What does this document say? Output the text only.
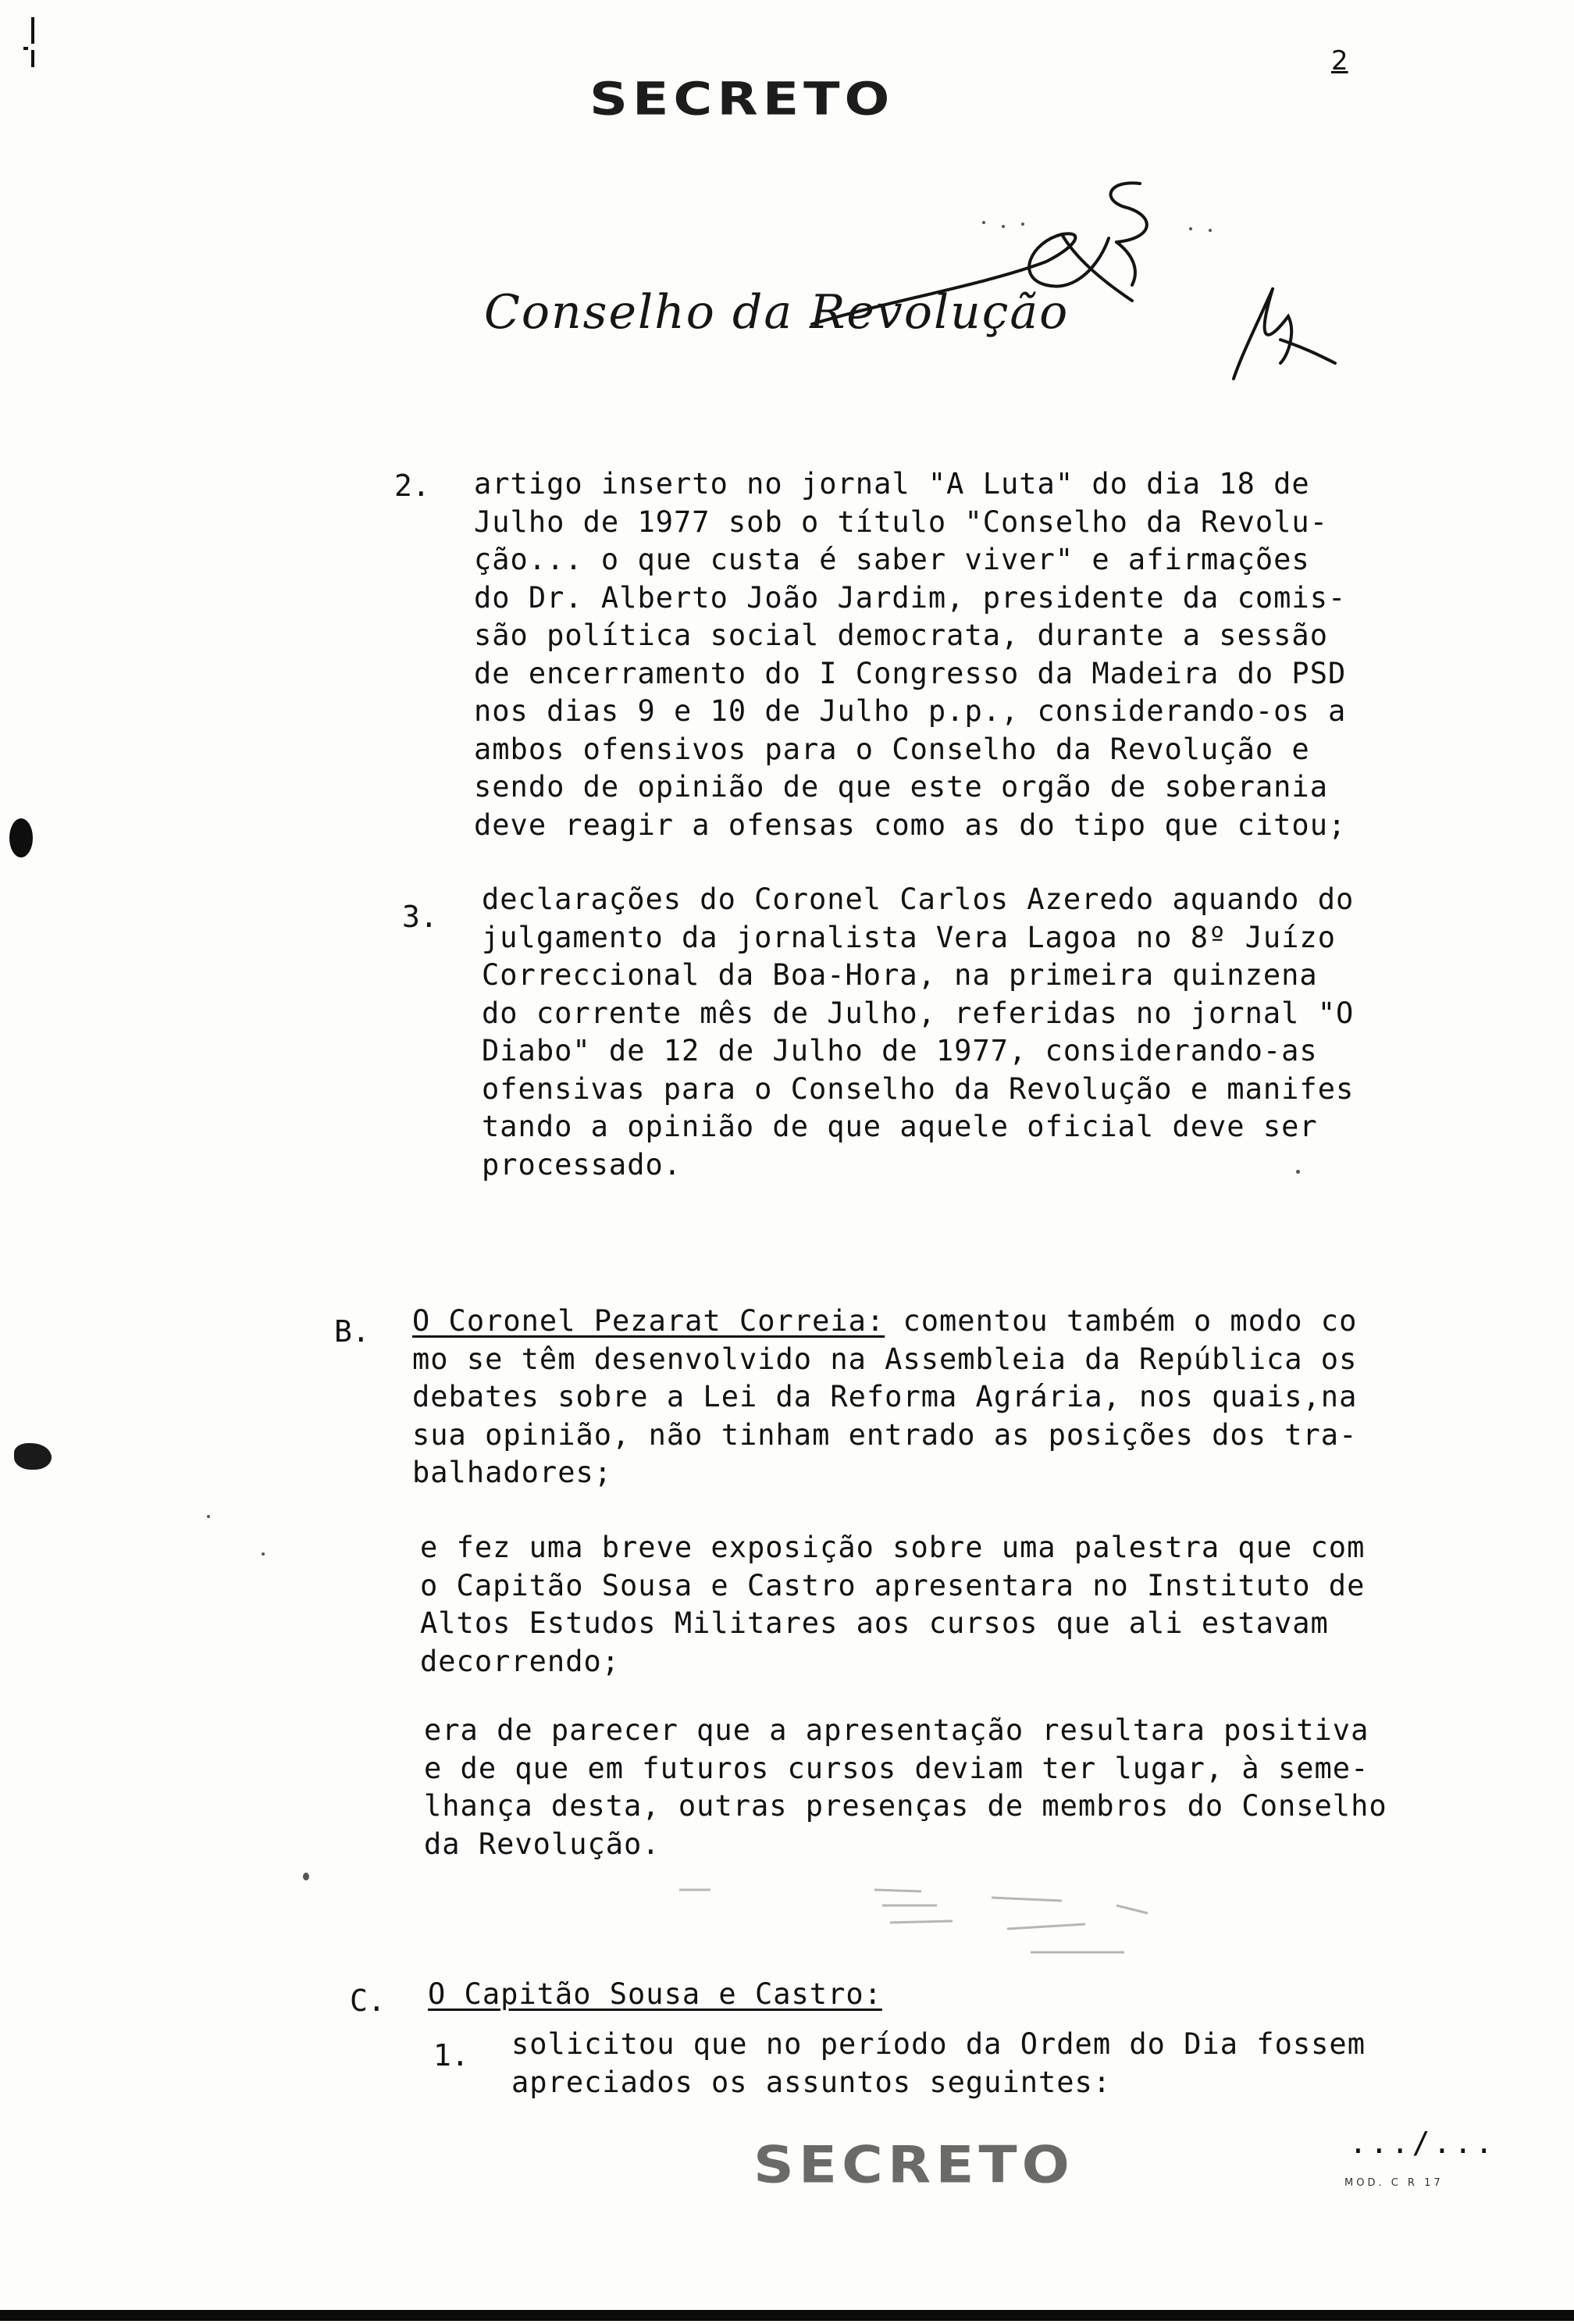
SECRETO
2
Conselho da Revolução
2. artigo inserto no jornal "A Luta" do dia 18 de
Julho de 1977 sob o título "Conselho da Revolu-
ção... o que custa é saber viver" e afirmações
do Dr. Alberto João Jardim, presidente da comis-
são política social democrata, durante a sessão
de encerramento do I Congresso da Madeira do PSD
nos dias 9 e 10 de Julho p.p., considerando-os a
ambos ofensivos para o Conselho da Revolução e
sendo de opinião de que este orgão de soberania
deve reagir a ofensas como as do tipo que citou;
3.
declarações do Coronel Carlos Azeredo aquando do
julgamento da jornalista Vera Lagoa no 8º Juízo
Correccional da Boa-Hora, na primeira quinzena
do corrente mês de Julho, referidas no jornal "O
Diabo" de 12 de Julho de 1977, considerando-as
ofensivas para o Conselho da Revolução e manifes
tando a opinião de que aquele oficial deve ser
processado.
B. O Coronel Pezarat Correia: comentou também o modo co
mo se têm desenvolvido na Assembleia da República os
debates sobre a Lei da Reforma Agrária, nos quais,na
sua opinião, não tinham entrado as posições dos tra-
balhadores;
e fez uma breve exposição sobre uma palestra que com
o Capitão Sousa e Castro apresentara no Instituto de
Altos Estudos Militares aos cursos que ali estavam
decorrendo;
era de parecer que a apresentação resultara positiva
e de que em futuros cursos deviam ter lugar, à seme-
lhança desta, outras presenças de membros do Conselho
da Revolução.
C. O Capitão Sousa e Castro:
1. solicitou que no período da Ordem do Dia fossem
apreciados os assuntos seguintes:
SECRETO	.../...
MOD. C R 17
